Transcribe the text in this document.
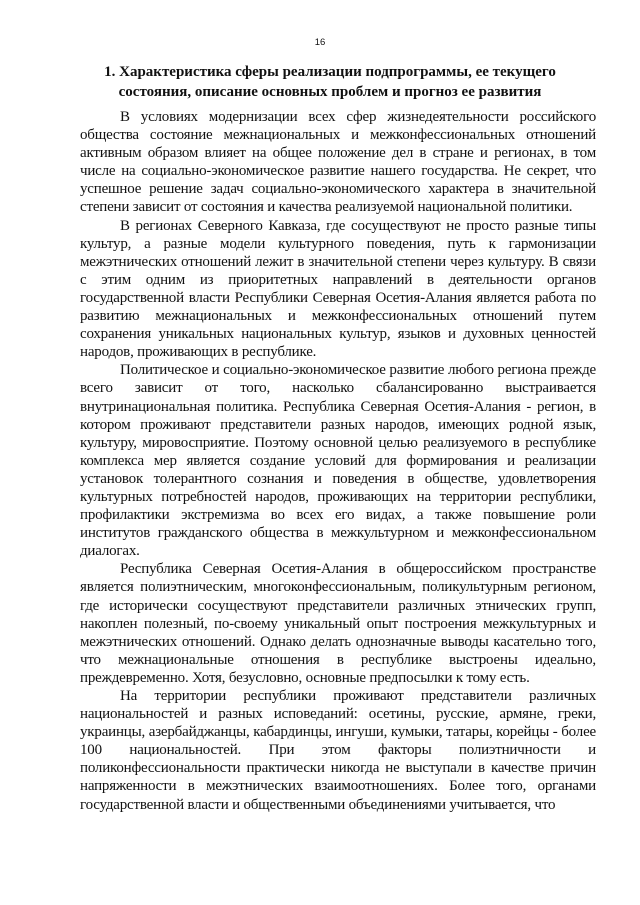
16
1. Характеристика сферы реализации подпрограммы, ее текущего состояния, описание основных проблем и прогноз ее развития

В условиях модернизации всех сфер жизнедеятельности российского общества состояние межнациональных и межконфессиональных отношений активным образом влияет на общее положение дел в стране и регионах, в том числе на социально-экономическое развитие нашего государства. Не секрет, что успешное решение задач социально-экономического характера в значительной степени зависит от состояния и качества реализуемой национальной политики.

В регионах Северного Кавказа, где сосуществуют не просто разные типы культур, а разные модели культурного поведения, путь к гармонизации межэтнических отношений лежит в значительной степени через культуру. В связи с этим одним из приоритетных направлений в деятельности органов государственной власти Республики Северная Осетия-Алания является работа по развитию межнациональных и межконфессиональных отношений путем сохранения уникальных национальных культур, языков и духовных ценностей народов, проживающих в республике.

Политическое и социально-экономическое развитие любого региона прежде всего зависит от того, насколько сбалансированно выстраивается внутринациональная политика. Республика Северная Осетия-Алания - регион, в котором проживают представители разных народов, имеющих родной язык, культуру, мировосприятие. Поэтому основной целью реализуемого в республике комплекса мер является создание условий для формирования и реализации установок толерантного сознания и поведения в обществе, удовлетворения культурных потребностей народов, проживающих на территории республики, профилактики экстремизма во всех его видах, а также повышение роли институтов гражданского общества в межкультурном и межконфессиональном диалогах.

Республика Северная Осетия-Алания в общероссийском пространстве является полиэтническим, многоконфессиональным, поликультурным регионом, где исторически сосуществуют представители различных этнических групп, накоплен полезный, по-своему уникальный опыт построения межкультурных и межэтнических отношений. Однако делать однозначные выводы касательно того, что межнациональные отношения в республике выстроены идеально, преждевременно. Хотя, безусловно, основные предпосылки к тому есть.

На территории республики проживают представители различных национальностей и разных исповеданий: осетины, русские, армяне, греки, украинцы, азербайджанцы, кабардинцы, ингуши, кумыки, татары, корейцы - более 100 национальностей. При этом факторы полиэтничности и поликонфессиональности практически никогда не выступали в качестве причин напряженности в межэтнических взаимоотношениях. Более того, органами государственной власти и общественными объединениями учитывается, что
